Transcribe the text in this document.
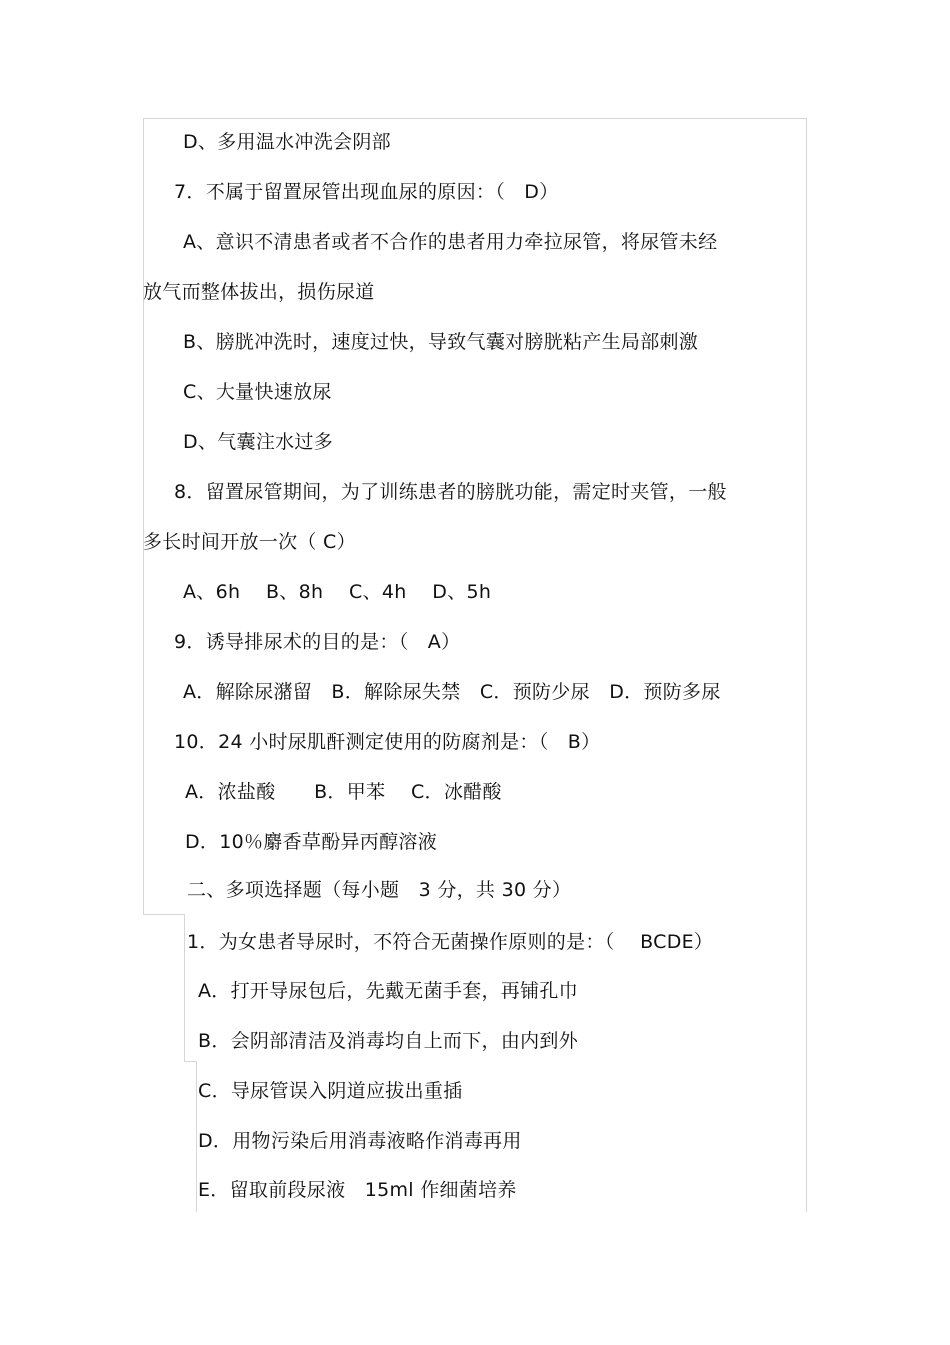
D、多用温水冲洗会阴部
7．不属于留置尿管出现血尿的原因：（　D）
A、意识不清患者或者不合作的患者用力牵拉尿管，将尿管未经
放气而整体拔出，损伤尿道
B、膀胱冲洗时，速度过快，导致气囊对膀胱粘产生局部刺激
C、大量快速放尿
D、气囊注水过多
8．留置尿管期间，为了训练患者的膀胱功能，需定时夹管，一般
多长时间开放一次（ C）
A、6h　 B、8h　 C、4h　 D、5h
9．诱导排尿术的目的是：（　A）
A．解除尿潴留　B．解除尿失禁　C．预防少尿　D．预防多尿
10．24 小时尿肌酐测定使用的防腐剂是：（　B）
A．浓盐酸　　B．甲苯　 C．冰醋酸
D．10％麝香草酚异丙醇溶液
二、多项选择题（每小题　3 分，共 30 分）
1．为女患者导尿时，不符合无菌操作原则的是：（　 BCDE）
A．打开导尿包后，先戴无菌手套，再铺孔巾
B．会阴部清洁及消毒均自上而下，由内到外
C．导尿管误入阴道应拔出重插
D．用物污染后用消毒液略作消毒再用
E．留取前段尿液　15ml 作细菌培养
